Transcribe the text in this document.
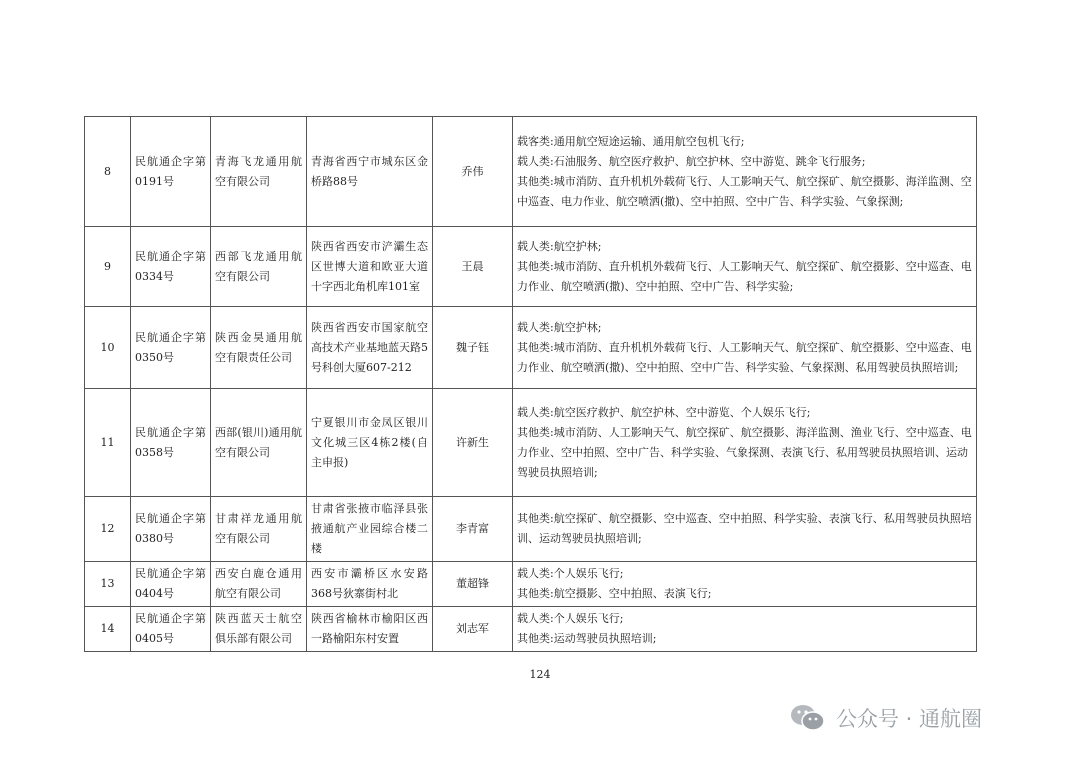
8	民航通企字第0191号	青海飞龙通用航空有限公司	青海省西宁市城东区金桥路88号	乔伟	载客类:通用航空短途运输、通用航空包机飞行;
载人类:石油服务、航空医疗救护、航空护林、空中游览、跳伞飞行服务;
其他类:城市消防、直升机机外载荷飞行、人工影响天气、航空探矿、航空摄影、海洋监测、空中巡查、电力作业、航空喷洒(撒)、空中拍照、空中广告、科学实验、气象探测;

9	民航通企字第0334号	西部飞龙通用航空有限公司	陕西省西安市浐灞生态区世博大道和欧亚大道十字西北角机库101室	王晨	载人类:航空护林;
其他类:城市消防、直升机机外载荷飞行、人工影响天气、航空探矿、航空摄影、空中巡查、电力作业、航空喷洒(撒)、空中拍照、空中广告、科学实验;

10	民航通企字第0350号	陕西金昊通用航空有限责任公司	陕西省西安市国家航空高技术产业基地蓝天路5号科创大厦607-212	魏子钰	载人类:航空护林;
其他类:城市消防、直升机机外载荷飞行、人工影响天气、航空探矿、航空摄影、空中巡查、电力作业、航空喷洒(撒)、空中拍照、空中广告、科学实验、气象探测、私用驾驶员执照培训;

11	民航通企字第0358号	西部(银川)通用航空有限公司	宁夏银川市金凤区银川文化城三区4栋2楼(自主申报)	许新生	载人类:航空医疗救护、航空护林、空中游览、个人娱乐飞行;
其他类:城市消防、人工影响天气、航空探矿、航空摄影、海洋监测、渔业飞行、空中巡查、电力作业、空中拍照、空中广告、科学实验、气象探测、表演飞行、私用驾驶员执照培训、运动驾驶员执照培训;

12	民航通企字第0380号	甘肃祥龙通用航空有限公司	甘肃省张掖市临泽县张掖通航产业园综合楼二楼	李青富	其他类:航空探矿、航空摄影、空中巡查、空中拍照、科学实验、表演飞行、私用驾驶员执照培训、运动驾驶员执照培训;

13	民航通企字第0404号	西安白鹿仓通用航空有限公司	西安市灞桥区水安路368号狄寨街村北	董超锋	载人类:个人娱乐飞行;
其他类:航空摄影、空中拍照、表演飞行;

14	民航通企字第0405号	陕西蓝天士航空俱乐部有限公司	陕西省榆林市榆阳区西一路榆阳东村安置	刘志军	载人类:个人娱乐飞行;
其他类:运动驾驶员执照培训;
124
公众号 · 通航圈
